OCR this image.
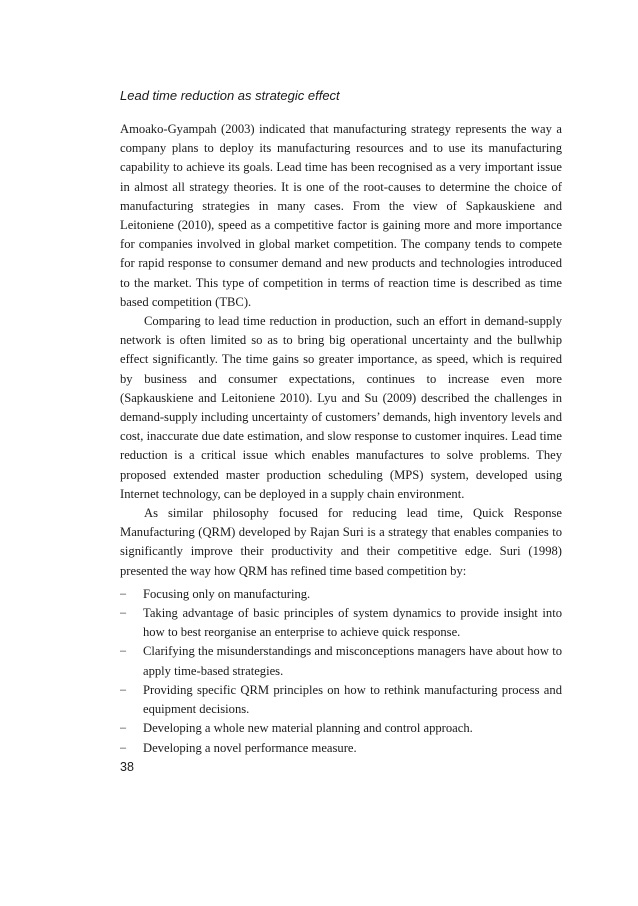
Lead time reduction as strategic effect

Amoako-Gyampah (2003) indicated that manufacturing strategy represents the way a company plans to deploy its manufacturing resources and to use its manufacturing capability to achieve its goals. Lead time has been recognised as a very important issue in almost all strategy theories. It is one of the root-causes to determine the choice of manufacturing strategies in many cases. From the view of Sapkauskiene and Leitoniene (2010), speed as a competitive factor is gaining more and more importance for companies involved in global market competition. The company tends to compete for rapid response to consumer demand and new products and technologies introduced to the market. This type of competition in terms of reaction time is described as time based competition (TBC).

Comparing to lead time reduction in production, such an effort in demand-supply network is often limited so as to bring big operational uncertainty and the bullwhip effect significantly. The time gains so greater importance, as speed, which is required by business and consumer expectations, continues to increase even more (Sapkauskiene and Leitoniene 2010). Lyu and Su (2009) described the challenges in demand-supply including uncertainty of customers’ demands, high inventory levels and cost, inaccurate due date estimation, and slow response to customer inquires. Lead time reduction is a critical issue which enables manufactures to solve problems. They proposed extended master production scheduling (MPS) system, developed using Internet technology, can be deployed in a supply chain environment.

As similar philosophy focused for reducing lead time, Quick Response Manufacturing (QRM) developed by Rajan Suri is a strategy that enables companies to significantly improve their productivity and their competitive edge. Suri (1998) presented the way how QRM has refined time based competition by:

– Focusing only on manufacturing.
– Taking advantage of basic principles of system dynamics to provide insight into how to best reorganise an enterprise to achieve quick response.
– Clarifying the misunderstandings and misconceptions managers have about how to apply time-based strategies.
– Providing specific QRM principles on how to rethink manufacturing process and equipment decisions.
– Developing a whole new material planning and control approach.
– Developing a novel performance measure.
38
